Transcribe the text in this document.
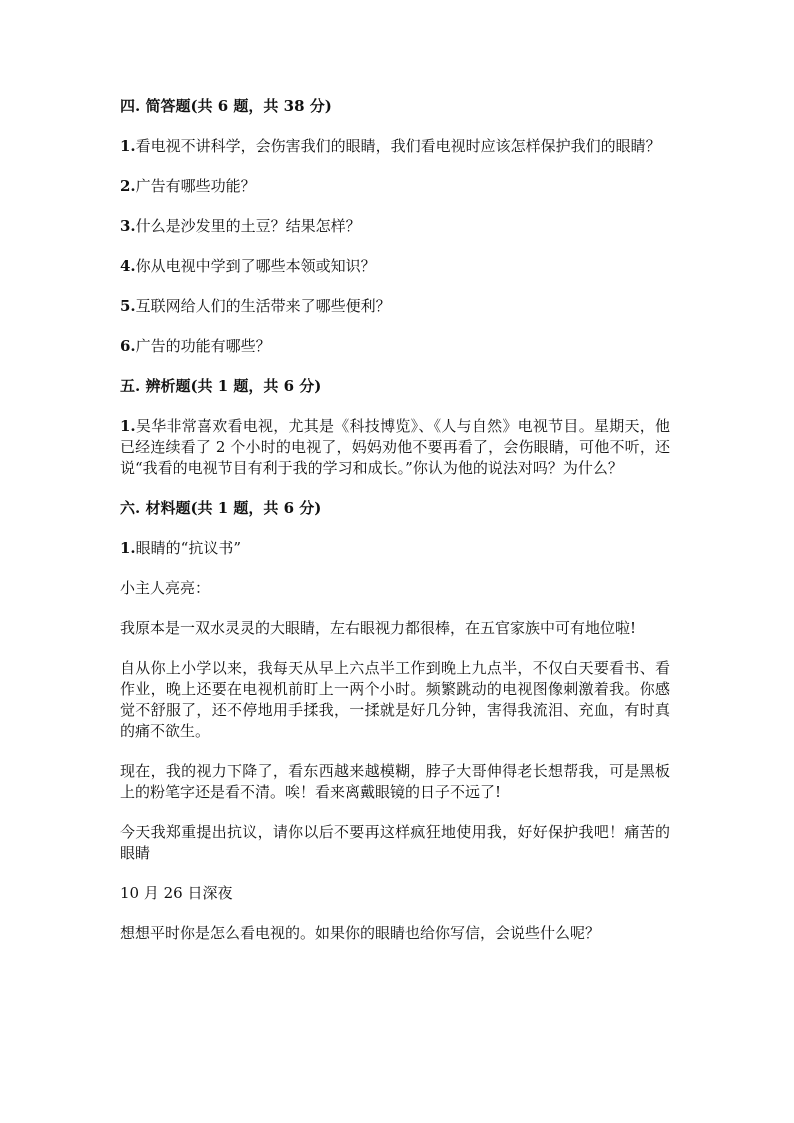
四. 简答题(共 6 题，共 38 分)
1.看电视不讲科学，会伤害我们的眼睛，我们看电视时应该怎样保护我们的眼睛？
2.广告有哪些功能？
3.什么是沙发里的土豆？结果怎样？
4.你从电视中学到了哪些本领或知识？
5.互联网给人们的生活带来了哪些便利？
6.广告的功能有哪些？
五. 辨析题(共 1 题，共 6 分)
1.吴华非常喜欢看电视，尤其是《科技博览》、《人与自然》电视节目。星期天，他已经连续看了 2 个小时的电视了，妈妈劝他不要再看了，会伤眼睛，可他不听，还说“我看的电视节目有利于我的学习和成长。”你认为他的说法对吗？为什么？
六. 材料题(共 1 题，共 6 分)
1.眼睛的“抗议书”
小主人亮亮：
我原本是一双水灵灵的大眼睛，左右眼视力都很棒，在五官家族中可有地位啦!
自从你上小学以来，我每天从早上六点半工作到晚上九点半，不仅白天要看书、看作业，晚上还要在电视机前盯上一两个小时。频繁跳动的电视图像刺激着我。你感觉不舒服了，还不停地用手揉我，一揉就是好几分钟，害得我流泪、充血，有时真的痛不欲生。
现在，我的视力下降了，看东西越来越模糊，脖子大哥伸得老长想帮我，可是黑板上的粉笔字还是看不清。唉！看来离戴眼镜的日子不远了!
今天我郑重提出抗议，请你以后不要再这样疯狂地使用我，好好保护我吧！痛苦的眼睛
10 月 26 日深夜
想想平时你是怎么看电视的。如果你的眼睛也给你写信，会说些什么呢？
